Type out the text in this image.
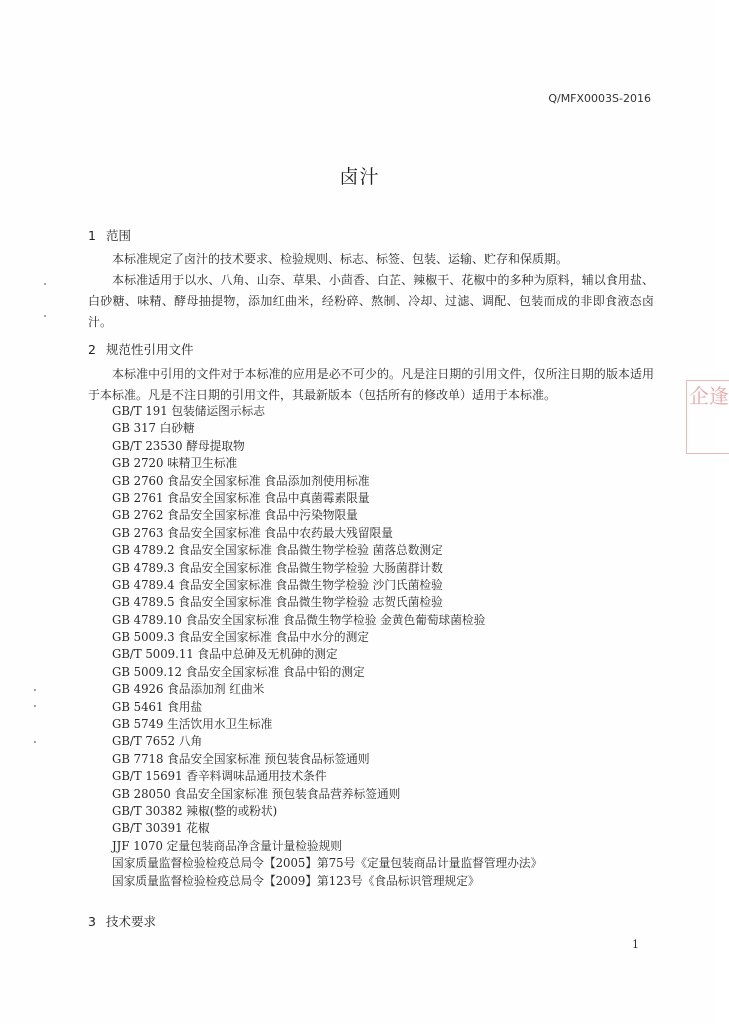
Q/MFX0003S-2016
卤汁
1 范围
本标准规定了卤汁的技术要求、检验规则、标志、标签、包装、运输、贮存和保质期。
本标准适用于以水、八角、山奈、草果、小茴香、白芷、辣椒干、花椒中的多种为原料，辅以食用盐、白砂糖、味精、酵母抽提物，添加红曲米，经粉碎、熬制、冷却、过滤、调配、包装而成的非即食液态卤汁。
2 规范性引用文件
本标准中引用的文件对于本标准的应用是必不可少的。凡是注日期的引用文件，仅所注日期的版本适用于本标准。凡是不注日期的引用文件，其最新版本（包括所有的修改单）适用于本标准。
GB/T 191 包装储运图示标志
GB 317 白砂糖
GB/T 23530 酵母提取物
GB 2720 味精卫生标准
GB 2760 食品安全国家标准 食品添加剂使用标准
GB 2761 食品安全国家标准 食品中真菌霉素限量
GB 2762 食品安全国家标准 食品中污染物限量
GB 2763 食品安全国家标准 食品中农药最大残留限量
GB 4789.2 食品安全国家标准 食品微生物学检验 菌落总数测定
GB 4789.3 食品安全国家标准 食品微生物学检验 大肠菌群计数
GB 4789.4 食品安全国家标准 食品微生物学检验 沙门氏菌检验
GB 4789.5 食品安全国家标准 食品微生物学检验 志贺氏菌检验
GB 4789.10 食品安全国家标准 食品微生物学检验 金黄色葡萄球菌检验
GB 5009.3 食品安全国家标准 食品中水分的测定
GB/T 5009.11 食品中总砷及无机砷的测定
GB 5009.12 食品安全国家标准 食品中铅的测定
GB 4926 食品添加剂 红曲米
GB 5461 食用盐
GB 5749 生活饮用水卫生标准
GB/T 7652 八角
GB 7718 食品安全国家标准 预包装食品标签通则
GB/T 15691 香辛料调味品通用技术条件
GB 28050 食品安全国家标准 预包装食品营养标签通则
GB/T 30382 辣椒(整的或粉状)
GB/T 30391 花椒
JJF 1070 定量包装商品净含量计量检验规则
国家质量监督检验检疫总局令【2005】第75号《定量包装商品计量监督管理办法》
国家质量监督检验检疫总局令【2009】第123号《食品标识管理规定》
3 技术要求
1
企逢
